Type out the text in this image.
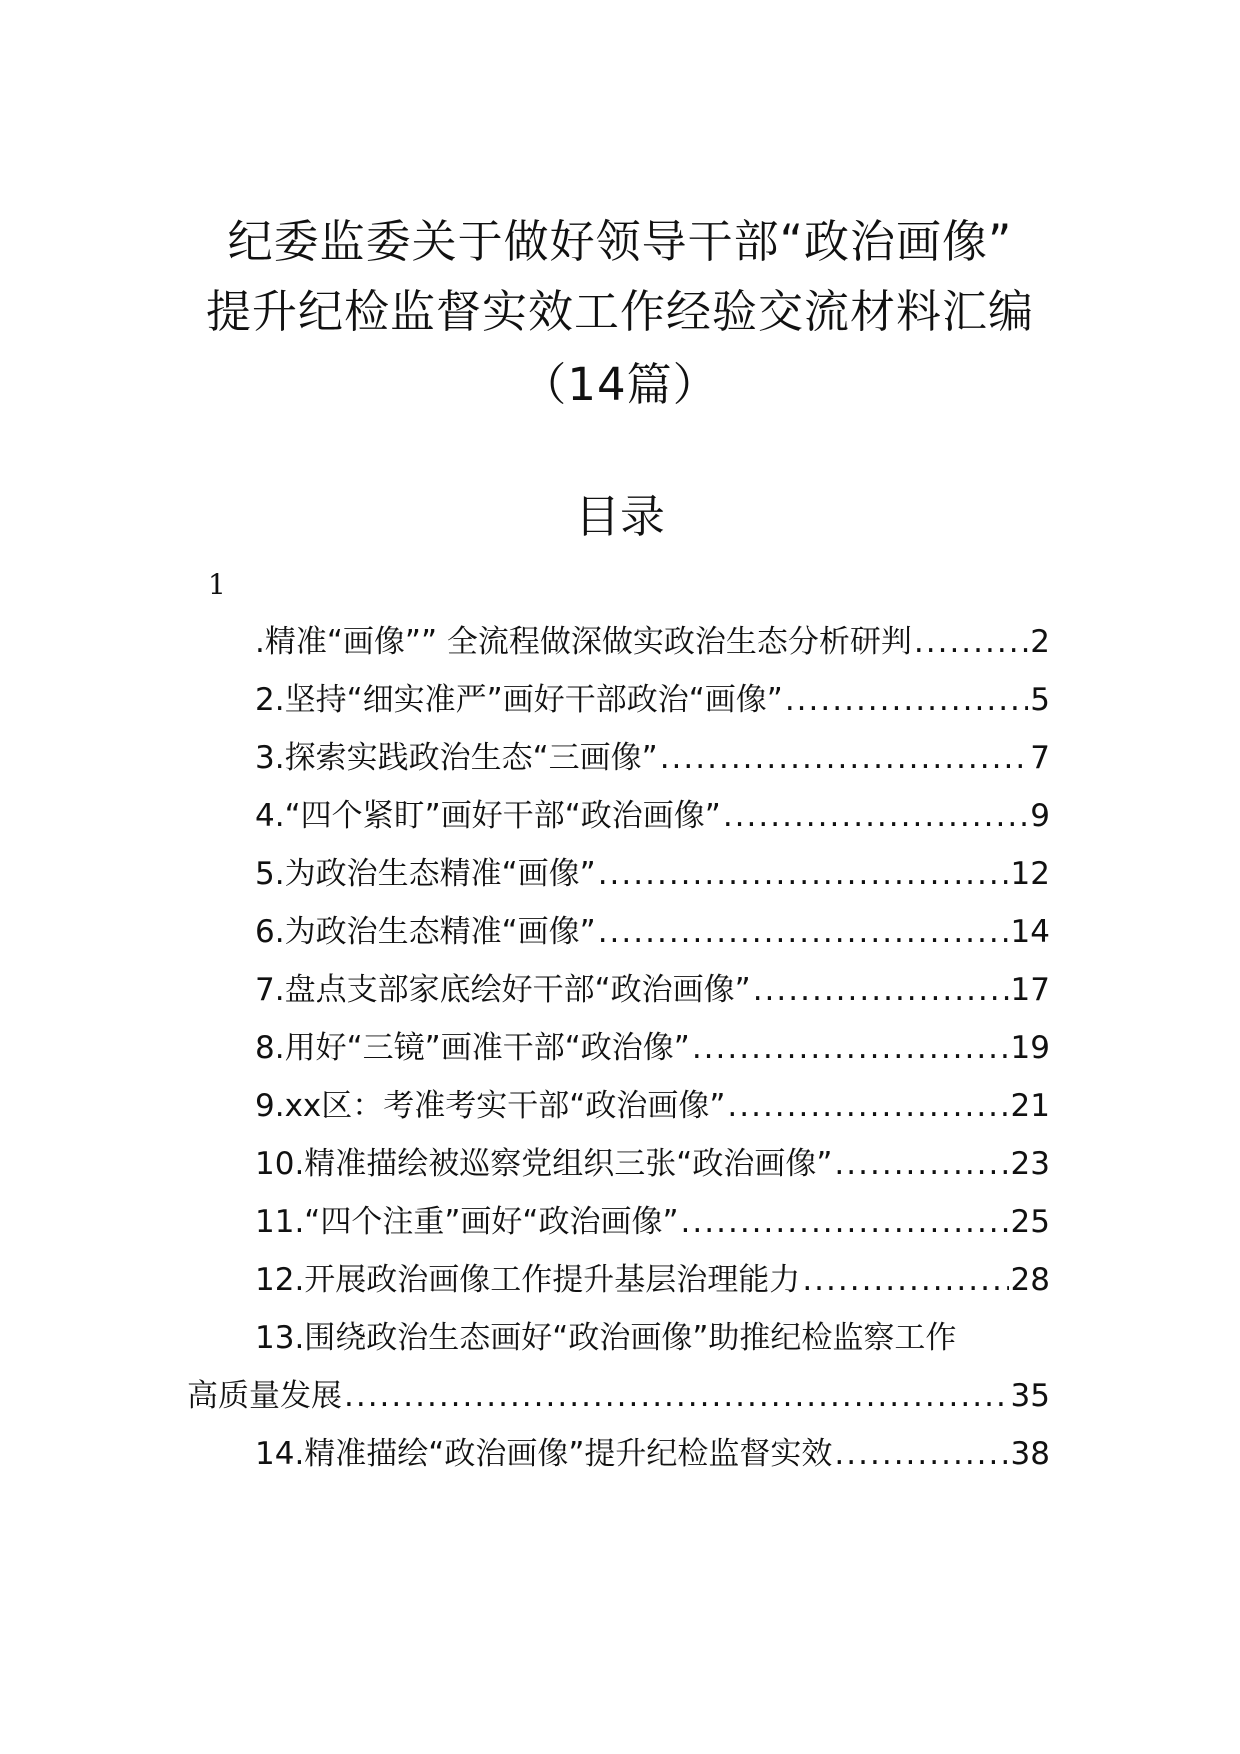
纪委监委关于做好领导干部“政治画像”
提升纪检监督实效工作经验交流材料汇编
（14篇）
目录
1
.精准“画像”” 全流程做深做实政治生态分析研判 .....	2
2.坚持“细实准严”画好干部政治“画像” .....	5
3.探索实践政治生态“三画像” .....	7
4.“四个紧盯”画好干部“政治画像” .....	9
5.为政治生态精准“画像” .....	12
6.为政治生态精准“画像” .....	14
7.盘点支部家底绘好干部“政治画像” .....	17
8.用好“三镜”画准干部“政治像” .....	19
9.xx区：考准考实干部“政治画像” .....	21
10.精准描绘被巡察党组织三张“政治画像” .....	23
11.“四个注重”画好“政治画像” .....	25
12.开展政治画像工作提升基层治理能力 .....	28
13.围绕政治生态画好“政治画像”助推纪检监察工作
高质量发展 .....	35
14.精准描绘“政治画像”提升纪检监督实效 .....	38
